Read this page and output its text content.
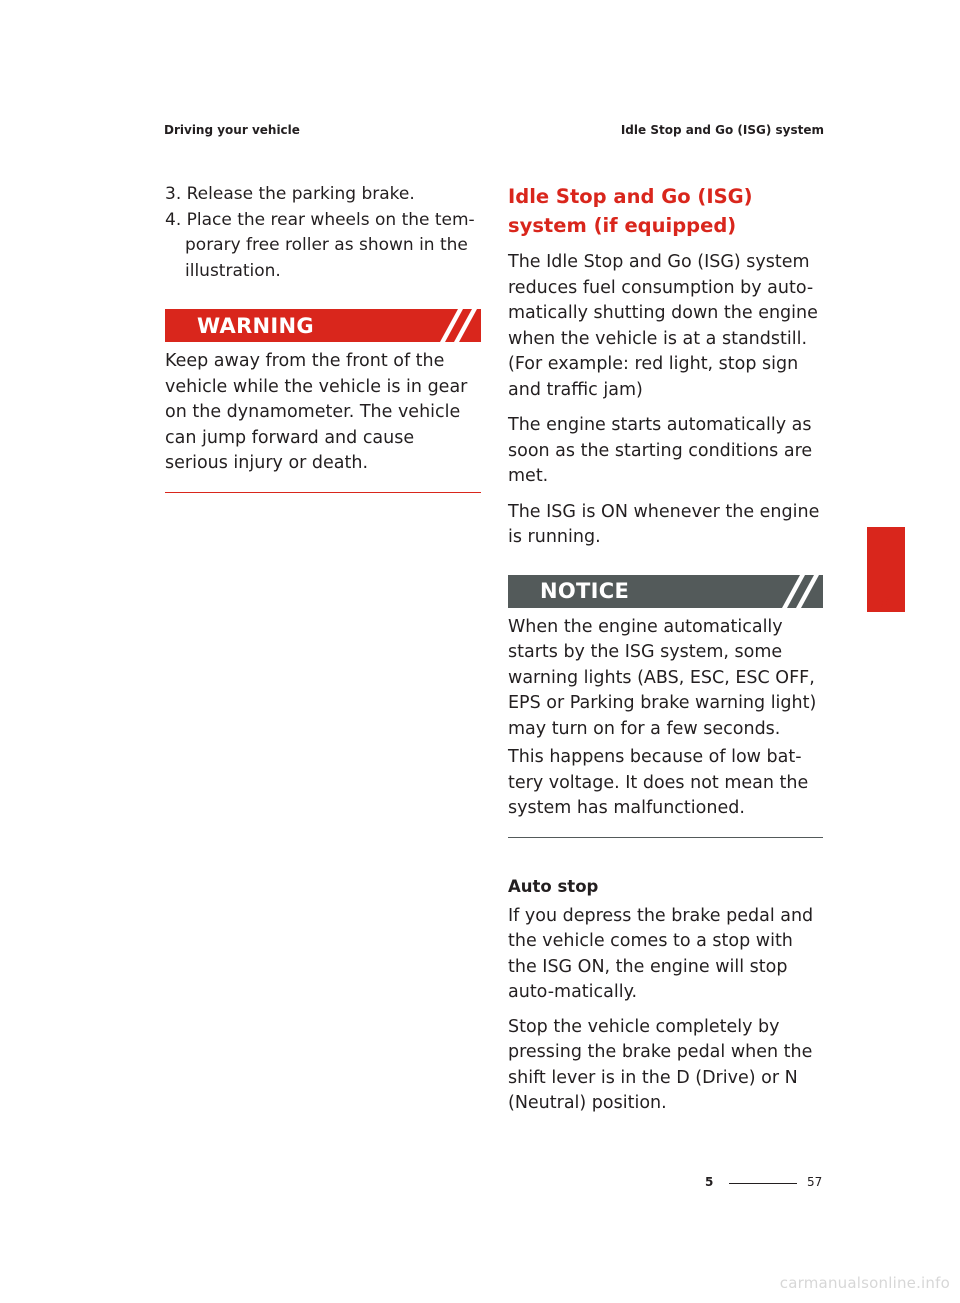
Driving your vehicle	Idle Stop and Go (ISG) system

3. Release the parking brake.

4. Place the rear wheels on the tem-porary free roller as shown in the illustration.

WARNING

Keep away from the front of the vehicle while the vehicle is in gear on the dynamometer. The vehicle can jump forward and cause serious injury or death.

Idle Stop and Go (ISG) system (if equipped)

The Idle Stop and Go (ISG) system reduces fuel consumption by auto-matically shutting down the engine when the vehicle is at a standstill. (For example: red light, stop sign and traffic jam)

The engine starts automatically as soon as the starting conditions are met.

The ISG is ON whenever the engine is running.

NOTICE

When the engine automatically starts by the ISG system, some warning lights (ABS, ESC, ESC OFF, EPS or Parking brake warning light) may turn on for a few seconds.

This happens because of low bat-tery voltage. It does not mean the system has malfunctioned.

Auto stop

If you depress the brake pedal and the vehicle comes to a stop with the ISG ON, the engine will stop auto-matically.

Stop the vehicle completely by pressing the brake pedal when the shift lever is in the D (Drive) or N (Neutral) position.

5
5	57
carmanualsonline.info
